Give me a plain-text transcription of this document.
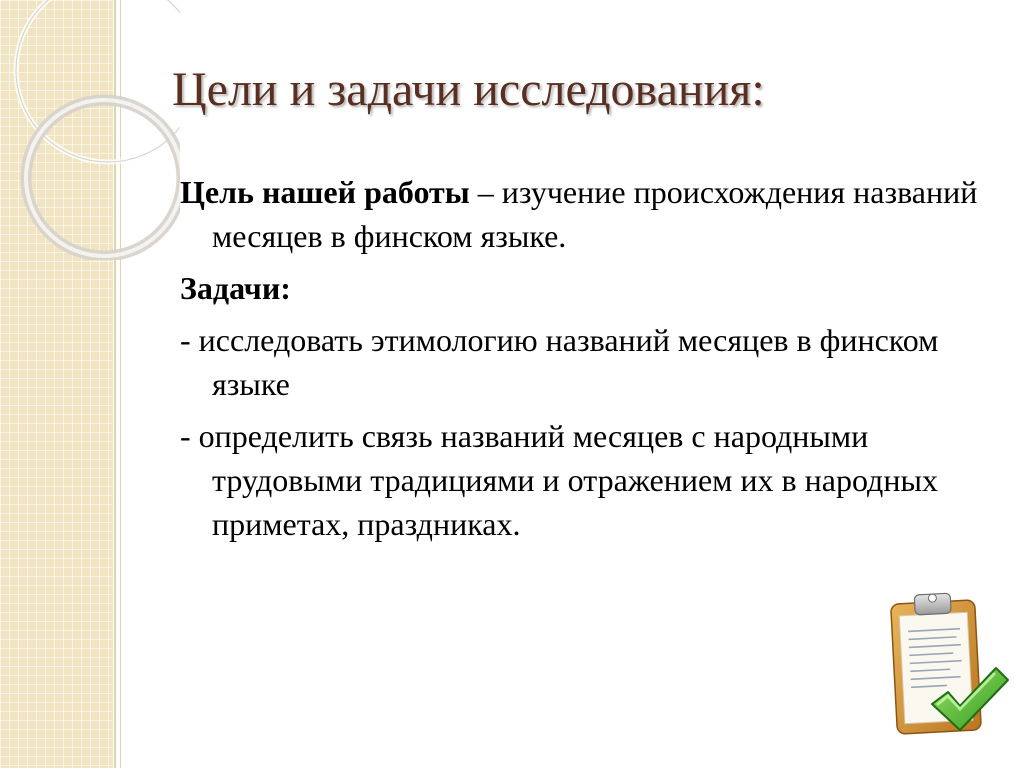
Цели и задачи исследования:

Цель нашей работы – изучение происхождения названий месяцев в финском языке.

Задачи:

- исследовать этимологию названий месяцев в финском языке

- определить связь названий месяцев с народными трудовыми традициями и отражением их в народных приметах, праздниках.
